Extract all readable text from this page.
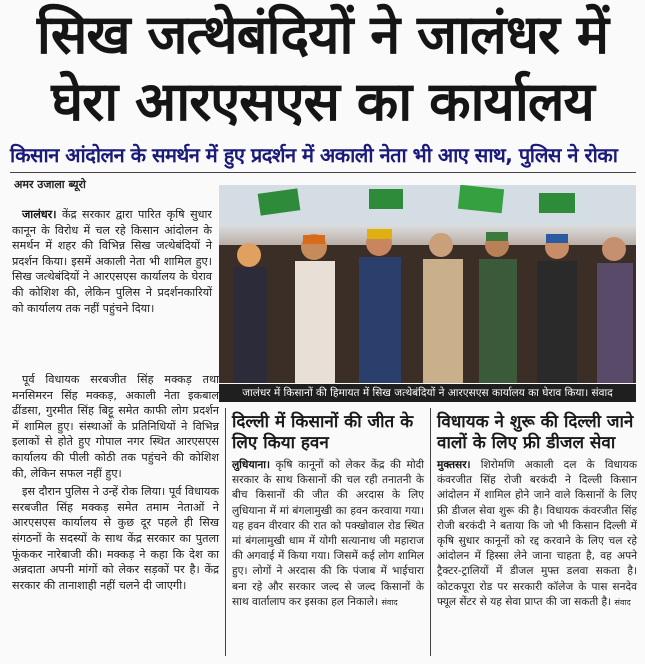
सिख जत्थेबंदियों ने जालंधर में
घेरा आरएसएस का कार्यालय
किसान आंदोलन के समर्थन में हुए प्रदर्शन में अकाली नेता भी आए साथ, पुलिस ने रोका
अमर उजाला ब्यूरो

जालंधर। केंद्र सरकार द्वारा पारित कृषि सुधार कानून के विरोध में चल रहे किसान आंदोलन के समर्थन में शहर की विभिन्न सिख जत्थेबंदियों ने प्रदर्शन किया। इसमें अकाली नेता भी शामिल हुए। सिख जत्थेबंदियों ने आरएसएस कार्यालय के घेराव की कोशिश की, लेकिन पुलिस ने प्रदर्शनकारियों को कार्यालय तक नहीं पहुंचने दिया।

पूर्व विधायक सरबजीत सिंह मक्कड़ तथा मनसिमरन सिंह मक्कड़, अकाली नेता इकबाल ढींडसा, गुरमीत सिंह बिट्टू समेत काफी लोग प्रदर्शन में शामिल हुए। संस्थाओं के प्रतिनिधियों ने विभिन्न इलाकों से होते हुए गोपाल नगर स्थित आरएसएस कार्यालय की पीली कोठी तक पहुंचने की कोशिश की, लेकिन सफल नहीं हुए।

इस दौरान पुलिस ने उन्हें रोक लिया। पूर्व विधायक सरबजीत सिंह मक्कड़ समेत तमाम नेताओं ने आरएसएस कार्यालय से कुछ दूर पहले ही सिख संगठनों के सदस्यों के साथ केंद्र सरकार का पुतला फूंककर नारेबाजी की। मक्कड़ ने कहा कि देश का अन्नदाता अपनी मांगों को लेकर सड़कों पर है। केंद्र सरकार की तानाशाही नहीं चलने दी जाएगी।

जालंधर में किसानों की हिमायत में सिख जत्थेबंदियों ने आरएसएस कार्यालय का घेराव किया। संवाद
दिल्ली में किसानों की जीत के लिए किया हवन

लुधियाना। कृषि कानूनों को लेकर केंद्र की मोदी सरकार के साथ किसानों की चल रही तनातनी के बीच किसानों की जीत की अरदास के लिए लुधियाना में मां बंगलामुखी का हवन करवाया गया। यह हवन वीरवार की रात को पक्खोवाल रोड स्थित मां बंगलामुखी धाम में योगी सत्यानाथ जी महाराज की अगवाई में किया गया। जिसमें कई लोग शामिल हुए। लोगों ने अरदास की कि पंजाब में भाईचारा बना रहे और सरकार जल्द से जल्द किसानों के साथ वार्तालाप कर इसका हल निकाले। संवाद

विधायक ने शुरू की दिल्ली जाने वालों के लिए फ्री डीजल सेवा

मुक्तसर। शिरोमणि अकाली दल के विधायक कंवरजीत सिंह रोजी बरकंदी ने दिल्ली किसान आंदोलन में शामिल होने जाने वाले किसानों के लिए फ्री डीजल सेवा शुरू की है। विधायक कंवरजीत सिंह रोजी बरकंदी ने बताया कि जो भी किसान दिल्ली में कृषि सुधार कानूनों को रद्द करवाने के लिए चल रहे आंदोलन में हिस्सा लेने जाना चाहता है, वह अपने ट्रैक्टर-ट्रालियों में डीजल मुफ्त डलवा सकता है। कोटकपूरा रोड पर सरकारी कॉलेज के पास सनदेव फ्यूल सेंटर से यह सेवा प्राप्त की जा सकती है। संवाद
